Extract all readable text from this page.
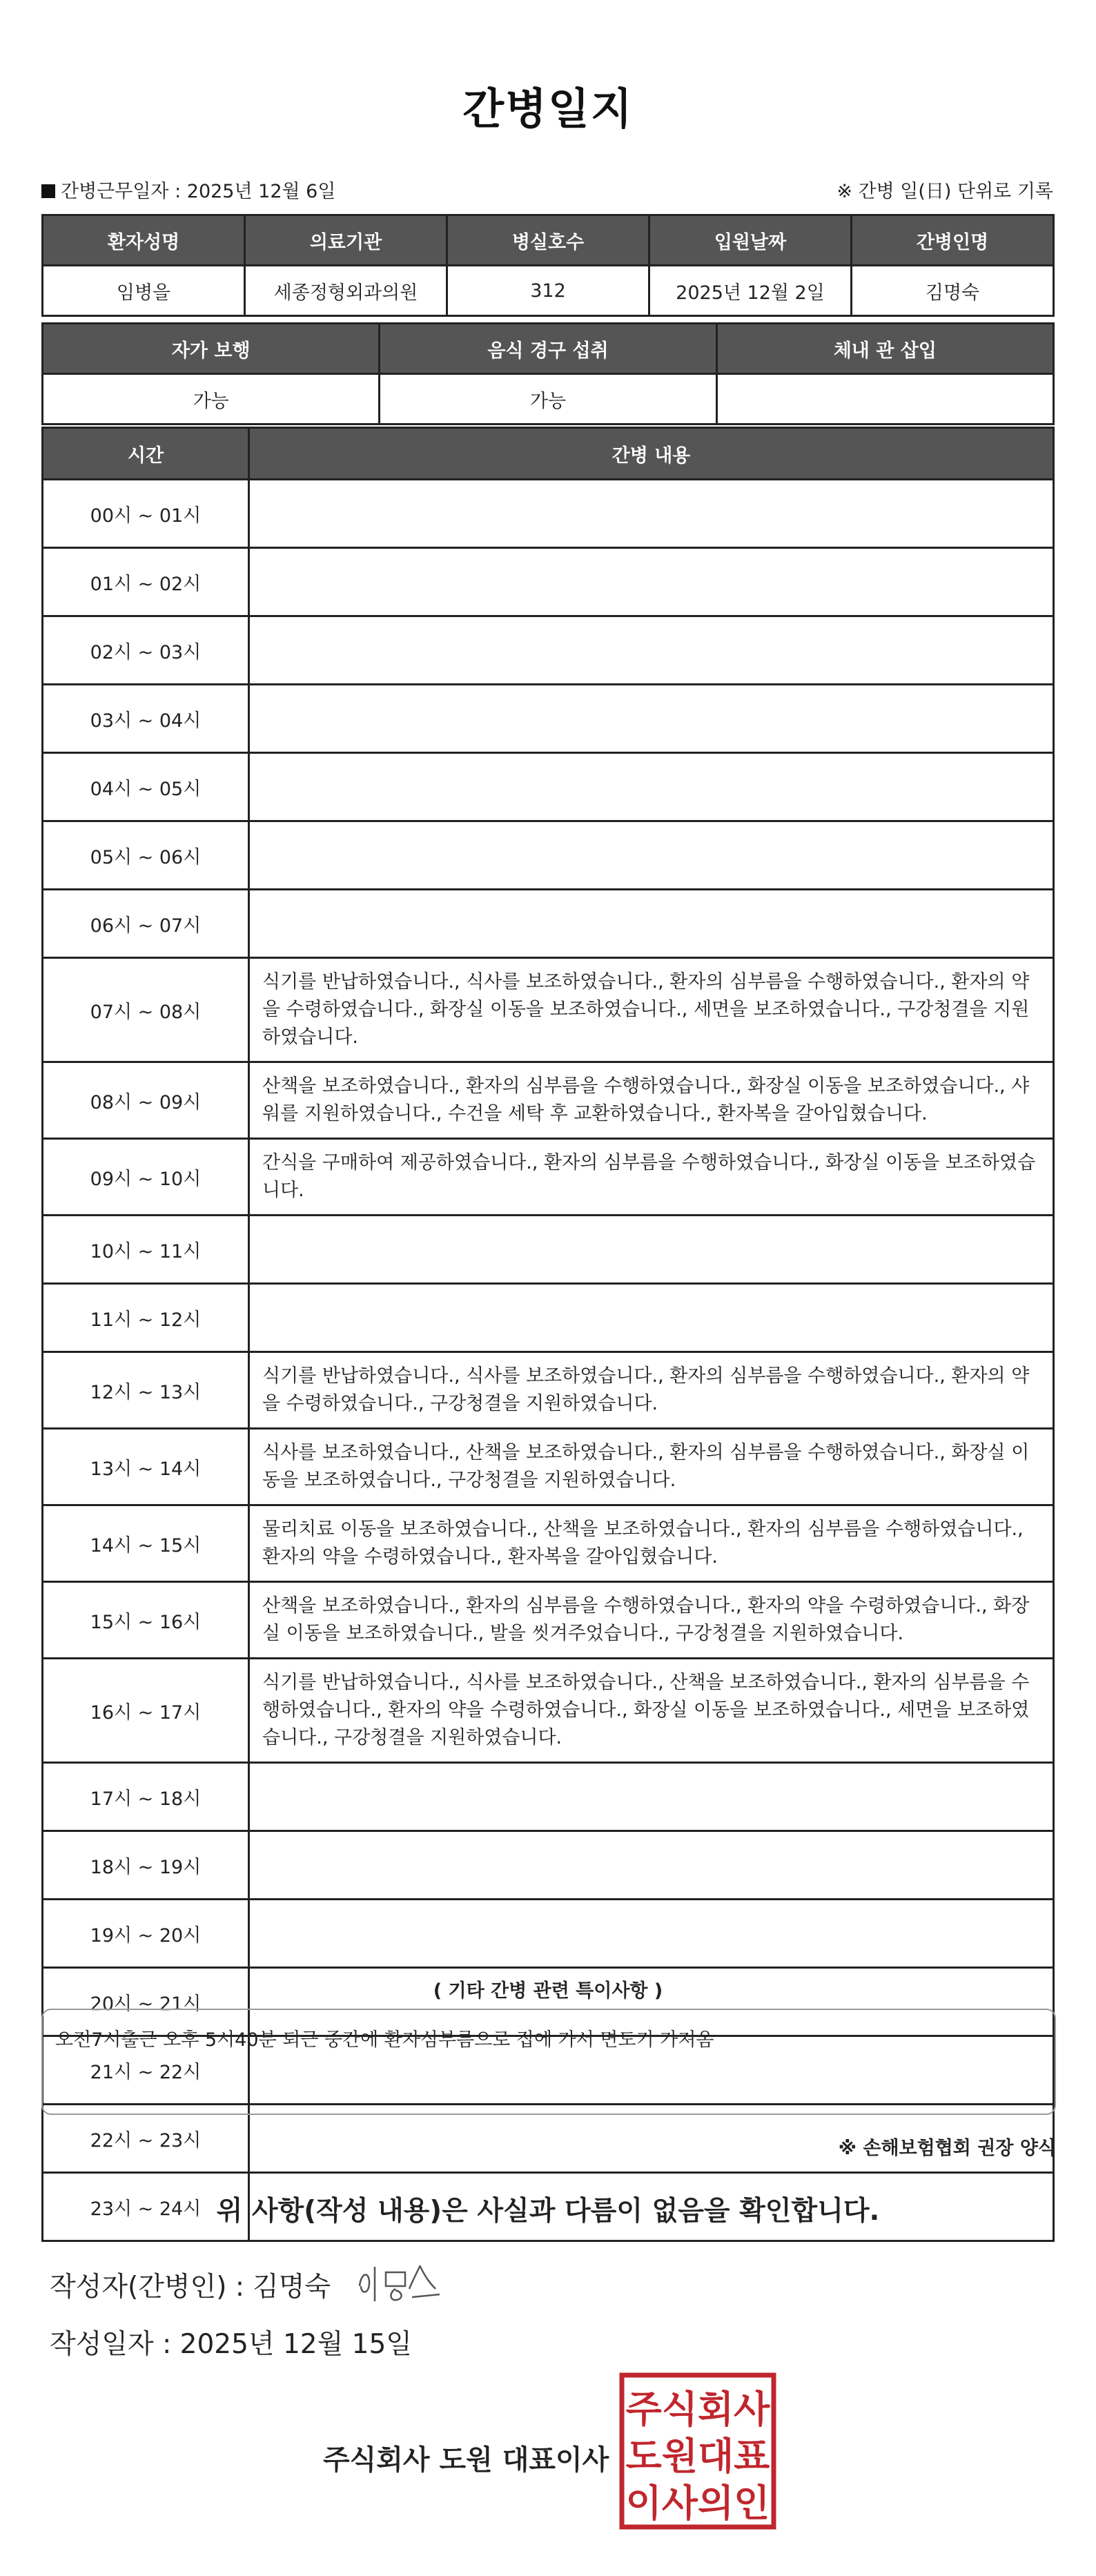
간병일지
간병근무일자 : 2025년 12월 6일	※ 간병 일(日) 단위로 기록
환자성명	의료기관	병실호수	입원날짜	간병인명
임병을	세종정형외과의원	312	2025년 12월 2일	김명숙
자가 보행	음식 경구 섭취	체내 관 삽입
가능	가능	
시간	간병 내용
00시 ~ 01시	
01시 ~ 02시	
02시 ~ 03시	
03시 ~ 04시	
04시 ~ 05시	
05시 ~ 06시	
06시 ~ 07시	
07시 ~ 08시	식기를 반납하였습니다., 식사를 보조하였습니다., 환자의 심부름을 수행하였습니다., 환자의 약을 수령하였습니다., 화장실 이동을 보조하였습니다., 세면을 보조하였습니다., 구강청결을 지원하였습니다.
08시 ~ 09시	산책을 보조하였습니다., 환자의 심부름을 수행하였습니다., 화장실 이동을 보조하였습니다., 샤워를 지원하였습니다., 수건을 세탁 후 교환하였습니다., 환자복을 갈아입혔습니다.
09시 ~ 10시	간식을 구매하여 제공하였습니다., 환자의 심부름을 수행하였습니다., 화장실 이동을 보조하였습니다.
10시 ~ 11시	
11시 ~ 12시	
12시 ~ 13시	식기를 반납하였습니다., 식사를 보조하였습니다., 환자의 심부름을 수행하였습니다., 환자의 약을 수령하였습니다., 구강청결을 지원하였습니다.
13시 ~ 14시	식사를 보조하였습니다., 산책을 보조하였습니다., 환자의 심부름을 수행하였습니다., 화장실 이동을 보조하였습니다., 구강청결을 지원하였습니다.
14시 ~ 15시	물리치료 이동을 보조하였습니다., 산책을 보조하였습니다., 환자의 심부름을 수행하였습니다., 환자의 약을 수령하였습니다., 환자복을 갈아입혔습니다.
15시 ~ 16시	산책을 보조하였습니다., 환자의 심부름을 수행하였습니다., 환자의 약을 수령하였습니다., 화장실 이동을 보조하였습니다., 발을 씻겨주었습니다., 구강청결을 지원하였습니다.
16시 ~ 17시	식기를 반납하였습니다., 식사를 보조하였습니다., 산책을 보조하였습니다., 환자의 심부름을 수행하였습니다., 환자의 약을 수령하였습니다., 화장실 이동을 보조하였습니다., 세면을 보조하였습니다., 구강청결을 지원하였습니다.
17시 ~ 18시	
18시 ~ 19시	
19시 ~ 20시	
20시 ~ 21시	
21시 ~ 22시	
22시 ~ 23시	
23시 ~ 24시	
( 기타 간병 관련 특이사항 )
오전7시출근 오후 5시40분 퇴근 중간에 환자심부름으로 집에 가서 면도기 가져옴
※ 손해보험협회 권장 양식
위 사항(작성 내용)은 사실과 다름이 없음을 확인합니다.
작성자(간병인) : 김명숙
작성일자 : 2025년 12월 15일
주식회사 도원 대표이사
주식회사
도원대표
이사의인
